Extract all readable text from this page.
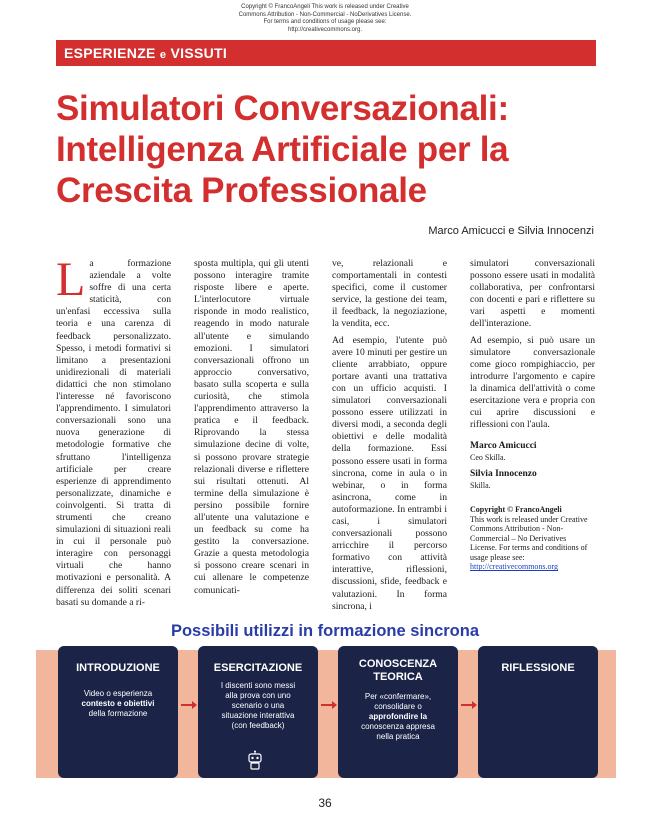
Copyright © FrancoAngeli This work is released under Creative
Commons Attribution - Non-Commercial - NoDerivatives License.
For terms and conditions of usage please see:
http://creativecommons.org.
ESPERIENZE e VISSUTI
Simulatori Conversazionali:
Intelligenza Artificiale per la
Crescita Professionale
Marco Amicucci e Silvia Innocenzi
L a formazione aziendale a volte soffre di una certa staticità, con un'enfasi eccessiva sulla teoria e una carenza di feedback personalizzato. Spesso, i metodi formativi si limitano a presentazioni unidirezionali di materiali didattici che non stimolano l'interesse né favoriscono l'apprendimento. I simulatori conversazionali sono una nuova generazione di metodologie formative che sfruttano l'intelligenza artificiale per creare esperienze di apprendimento personalizzate, dinamiche e coinvolgenti. Si tratta di strumenti che creano simulazioni di situazioni reali in cui il personale può interagire con personaggi virtuali che hanno motivazioni e personalità. A differenza dei soliti scenari basati su domande a ri-
sposta multipla, qui gli utenti possono interagire tramite risposte libere e aperte. L'interlocutore virtuale risponde in modo realistico, reagendo in modo naturale all'utente e simulando emozioni. I simulatori conversazionali offrono un approccio conversativo, basato sulla scoperta e sulla curiosità, che stimola l'apprendimento attraverso la pratica e il feedback. Riprovando la stessa simulazione decine di volte, si possono provare strategie relazionali diverse e riflettere sui risultati ottenuti. Al termine della simulazione è persino possibile fornire all'utente una valutazione e un feedback su come ha gestito la conversazione. Grazie a questa metodologia si possono creare scenari in cui allenare le competenze comunicati-

ve, relazionali e comportamentali in contesti specifici, come il customer service, la gestione dei team, il feedback, la negoziazione, la vendita, ecc.

Ad esempio, l'utente può avere 10 minuti per gestire un cliente arrabbiato, oppure portare avanti una trattativa con un ufficio acquisti. I simulatori conversazionali possono essere utilizzati in diversi modi, a seconda degli obiettivi e delle modalità della formazione. Essi possono essere usati in forma sincrona, come in aula o in webinar, o in forma asincrona, come in autoformazione. In entrambi i casi, i simulatori conversazionali possono arricchire il percorso formativo con attività interattive, riflessioni, discussioni, sfide, feedback e valutazioni. In forma sincrona, i

simulatori conversazionali possono essere usati in modalità collaborativa, per confrontarsi con docenti e pari e riflettere su vari aspetti e momenti dell'interazione.

Ad esempio, si può usare un simulatore conversazionale come gioco rompighiaccio, per introdurre l'argomento e capire la dinamica dell'attività o come esercitazione vera e propria con cui aprire discussioni e riflessioni con l'aula.

Marco Amicucci
Ceo Skilla.
Silvia Innocenzo
Skilla.
Copyright © FrancoAngeli
This work is released under Creative Commons Attribution - Non-Commercial – No Derivatives License. For terms and conditions of usage please see:
http://creativecommons.org
Possibili utilizzi in formazione sincrona
INTRODUZIONE
Video o esperienza
contesto e obiettivi
della formazione
ESERCITAZIONE
I discenti sono messi
alla prova con uno
scenario o una
situazione interattiva
(con feedback)
CONOSCENZA
TEORICA
Per «confermare»,
consolidare o
approfondire la
conoscenza appresa
nella pratica
RIFLESSIONE
36
